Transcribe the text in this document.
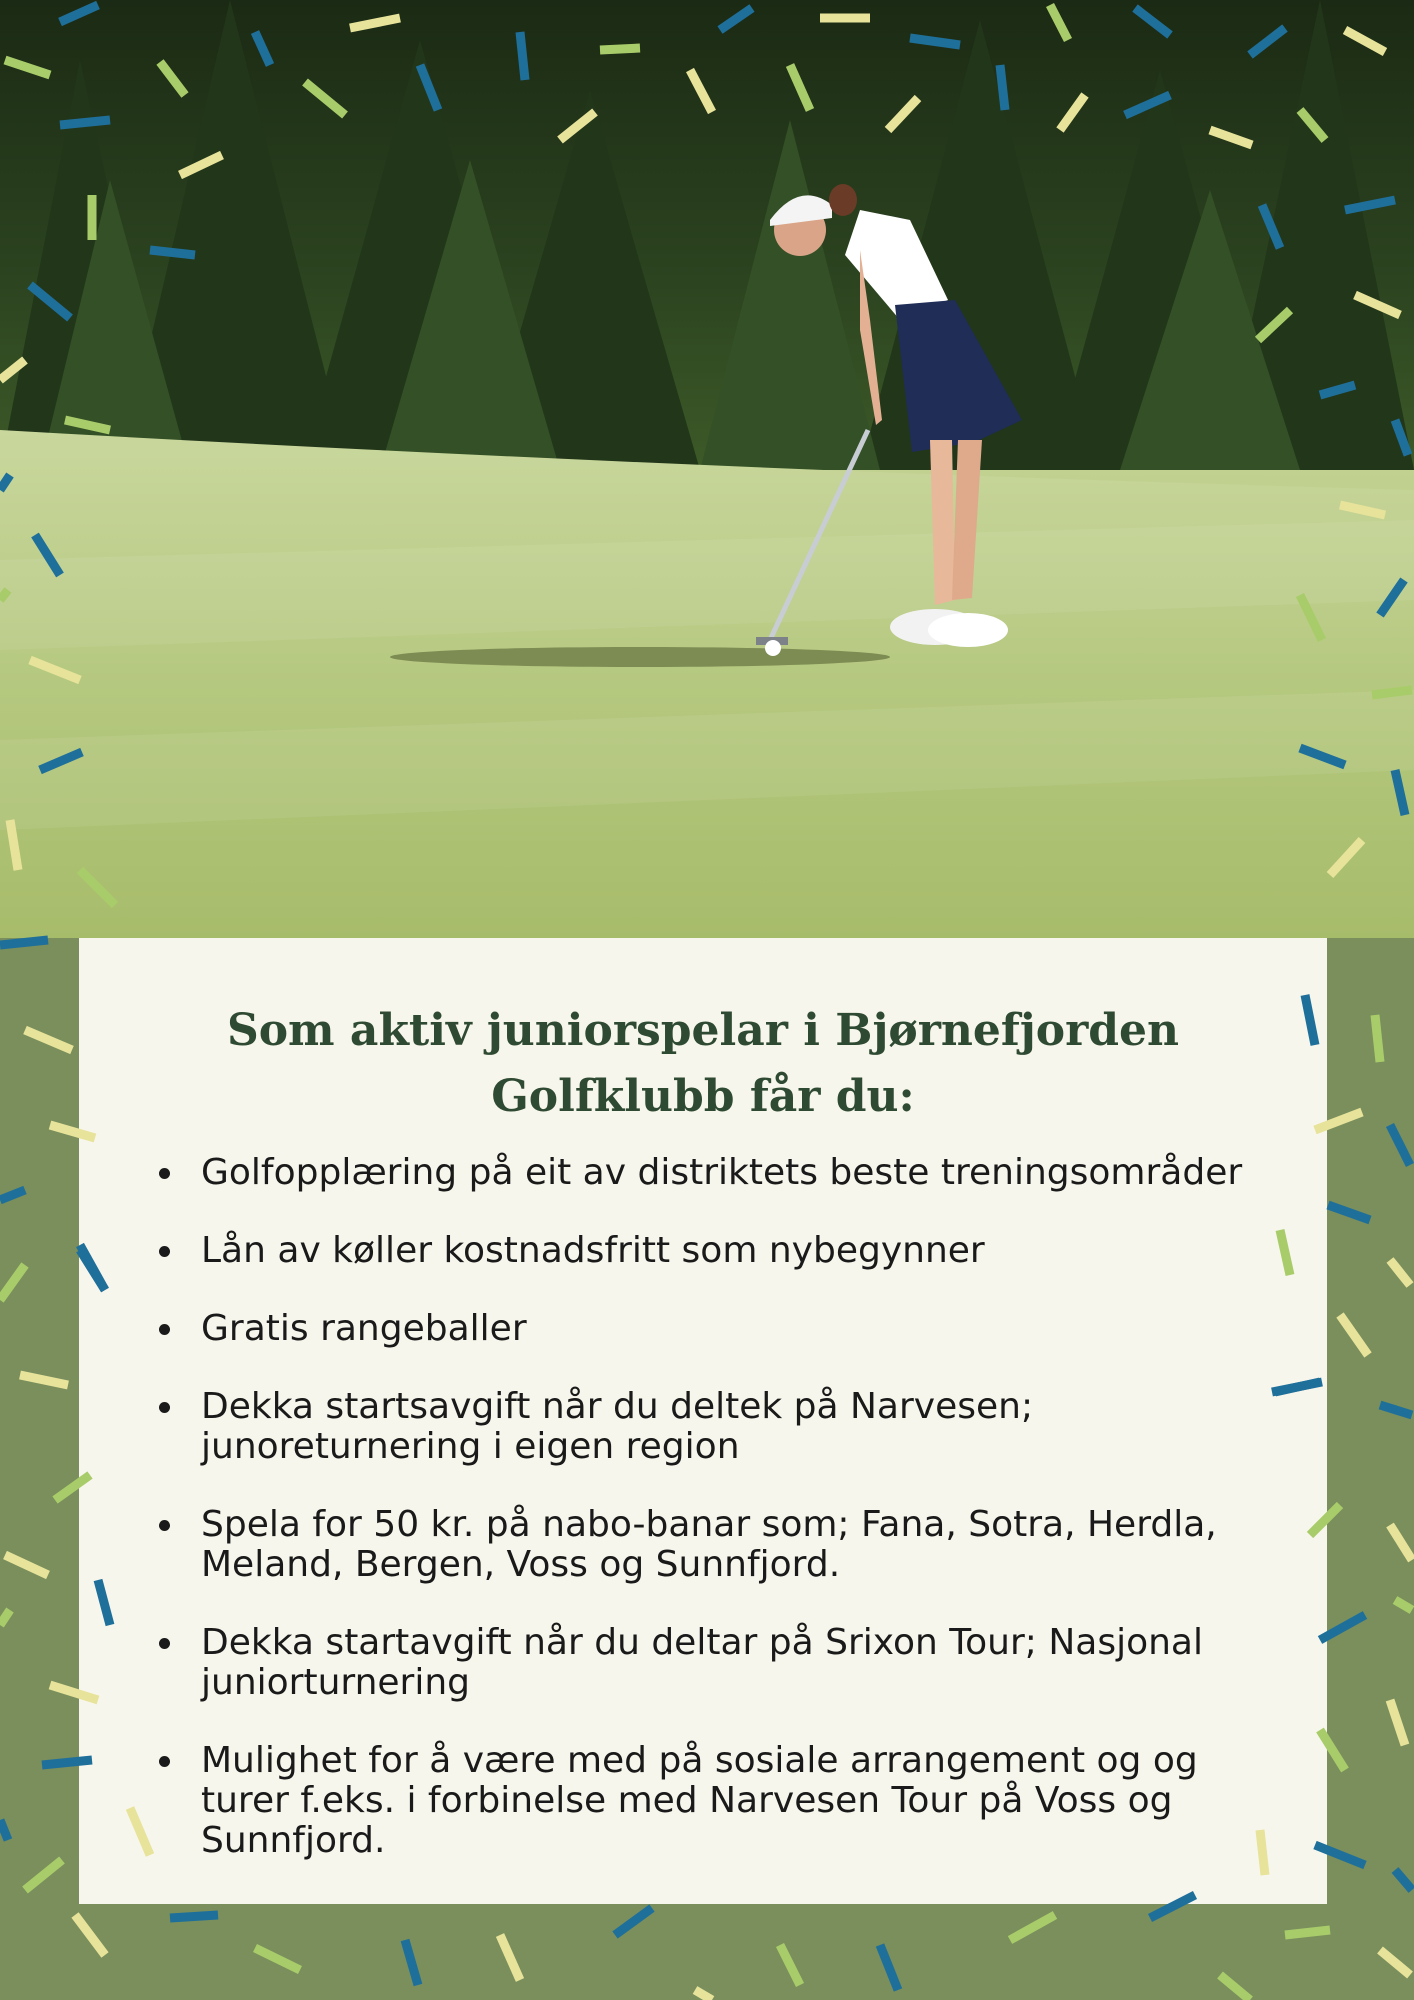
Som aktiv juniorspelar i Bjørnefjorden
Golfklubb får du:
Golfopplæring på eit av distriktets beste treningsområder
Lån av køller kostnadsfritt som nybegynner
Gratis rangeballer
Dekka startsavgift når du deltek på Narvesen; junoreturnering i eigen region
Spela for 50 kr. på nabo-banar som; Fana, Sotra, Herdla, Meland, Bergen, Voss og Sunnfjord.
Dekka startavgift når du deltar på Srixon Tour; Nasjonal juniorturnering
Mulighet for å være med på sosiale arrangement og og turer f.eks. i forbinelse med Narvesen Tour på Voss og Sunnfjord.
